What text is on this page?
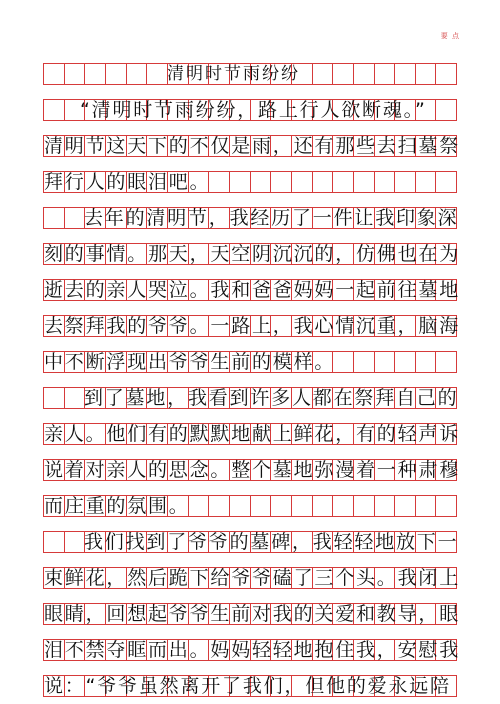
要 点
清明时节雨纷纷
“清明时节雨纷纷，路上行人欲断魂。”
清明节这天下的不仅是雨，还有那些去扫墓祭
拜行人的眼泪吧。
去年的清明节，我经历了一件让我印象深
刻的事情。那天，天空阴沉沉的，仿佛也在为
逝去的亲人哭泣。我和爸爸妈妈一起前往墓地
去祭拜我的爷爷。一路上，我心情沉重，脑海
中不断浮现出爷爷生前的模样。
到了墓地，我看到许多人都在祭拜自己的
亲人。他们有的默默地献上鲜花，有的轻声诉
说着对亲人的思念。整个墓地弥漫着一种肃穆
而庄重的氛围。
我们找到了爷爷的墓碑，我轻轻地放下一
束鲜花，然后跪下给爷爷磕了三个头。我闭上
眼睛，回想起爷爷生前对我的关爱和教导，眼
泪不禁夺眶而出。妈妈轻轻地抱住我，安慰我
说：“爷爷虽然离开了我们，但他的爱永远陪
